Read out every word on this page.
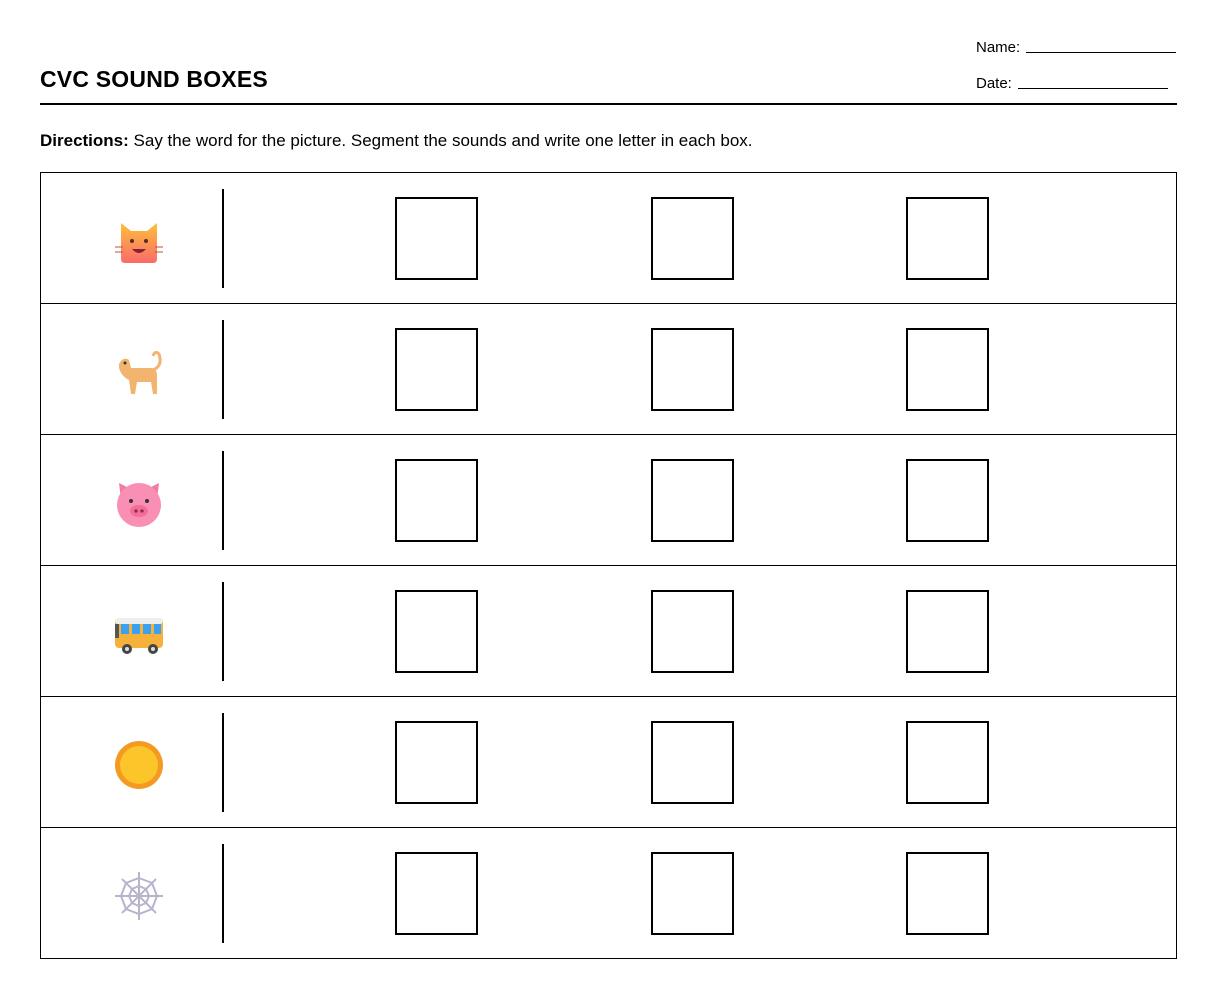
CVC SOUND BOXES
Name:
Date:
Directions: Say the word for the picture. Segment the sounds and write one letter in each box.
